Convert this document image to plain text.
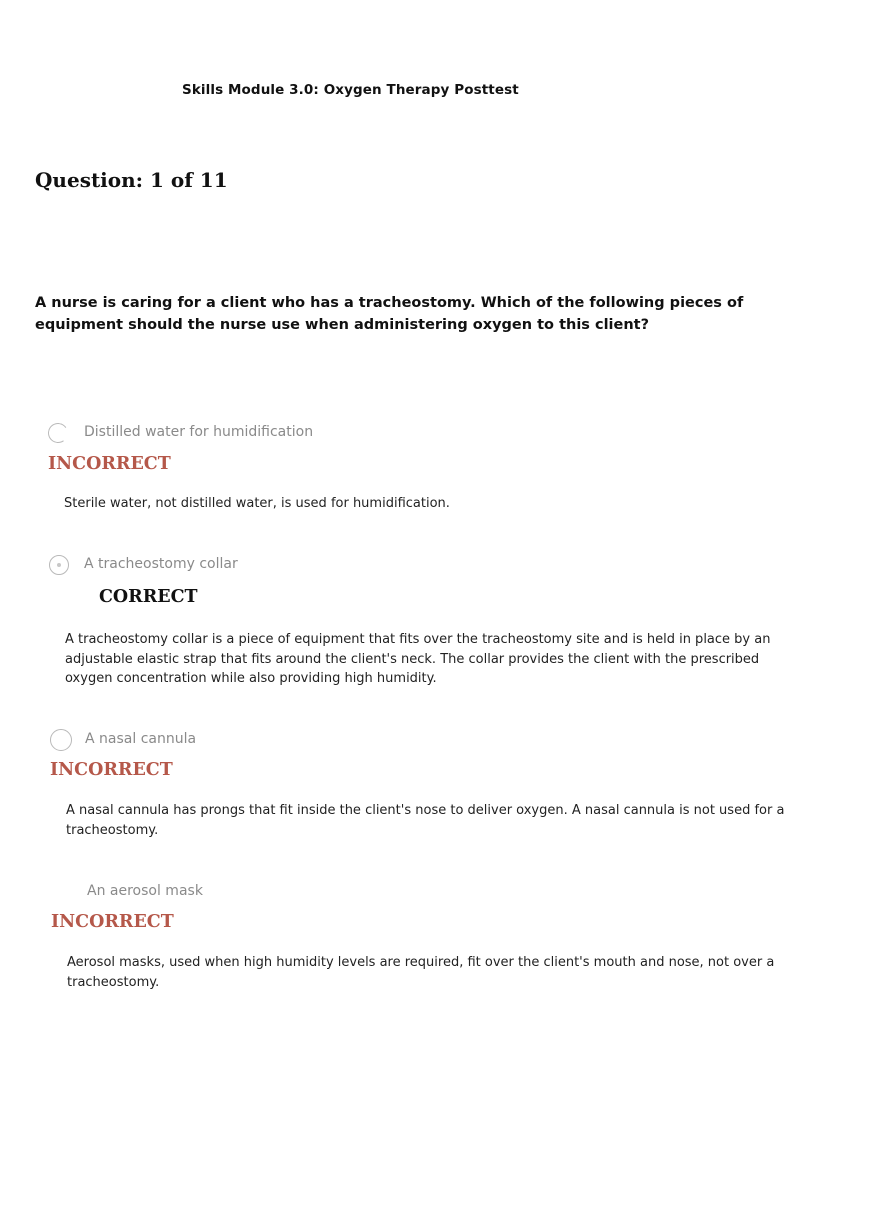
Skills Module 3.0: Oxygen Therapy Posttest
Question: 1 of 11
A nurse is caring for a client who has a tracheostomy. Which of the following pieces of equipment should the nurse use when administering oxygen to this client?
Distilled water for humidification
INCORRECT
Sterile water, not distilled water, is used for humidification.
A tracheostomy collar
CORRECT
A tracheostomy collar is a piece of equipment that fits over the tracheostomy site and is held in place by an adjustable elastic strap that fits around the client's neck. The collar provides the client with the prescribed oxygen concentration while also providing high humidity.
A nasal cannula
INCORRECT
A nasal cannula has prongs that fit inside the client's nose to deliver oxygen. A nasal cannula is not used for a tracheostomy.
An aerosol mask
INCORRECT
Aerosol masks, used when high humidity levels are required, fit over the client's mouth and nose, not over a tracheostomy.
